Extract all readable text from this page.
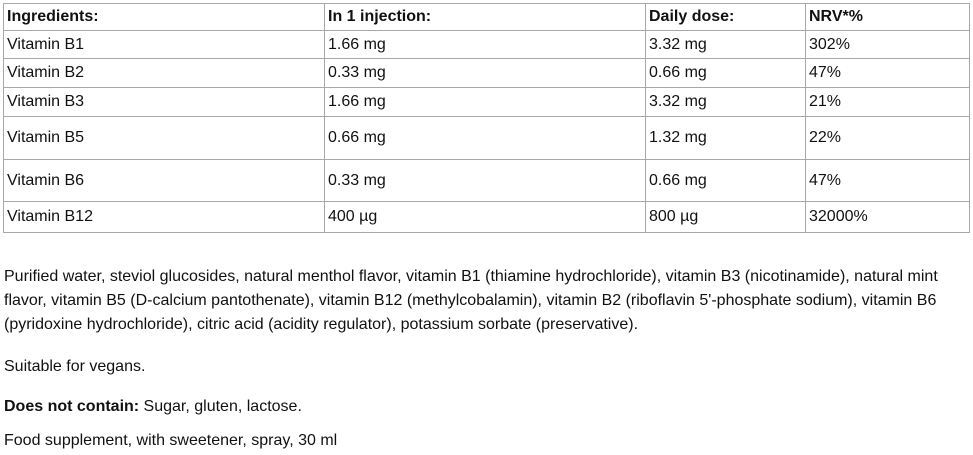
Ingredients:	In 1 injection:	Daily dose:	NRV*%
Vitamin B1	1.66 mg	3.32 mg	302%
Vitamin B2	0.33 mg	0.66 mg	47%
Vitamin B3	1.66 mg	3.32 mg	21%
Vitamin B5	0.66 mg	1.32 mg	22%
Vitamin B6	0.33 mg	0.66 mg	47%
Vitamin B12	400 µg	800 µg	32000%

Purified water, steviol glucosides, natural menthol flavor, vitamin B1 (thiamine hydrochloride), vitamin B3 (nicotinamide), natural mint flavor, vitamin B5 (D-calcium pantothenate), vitamin B12 (methylcobalamin), vitamin B2 (riboflavin 5'-phosphate sodium), vitamin B6 (pyridoxine hydrochloride), citric acid (acidity regulator), potassium sorbate (preservative).

Suitable for vegans.

Does not contain: Sugar, gluten, lactose.

Food supplement, with sweetener, spray, 30 ml
